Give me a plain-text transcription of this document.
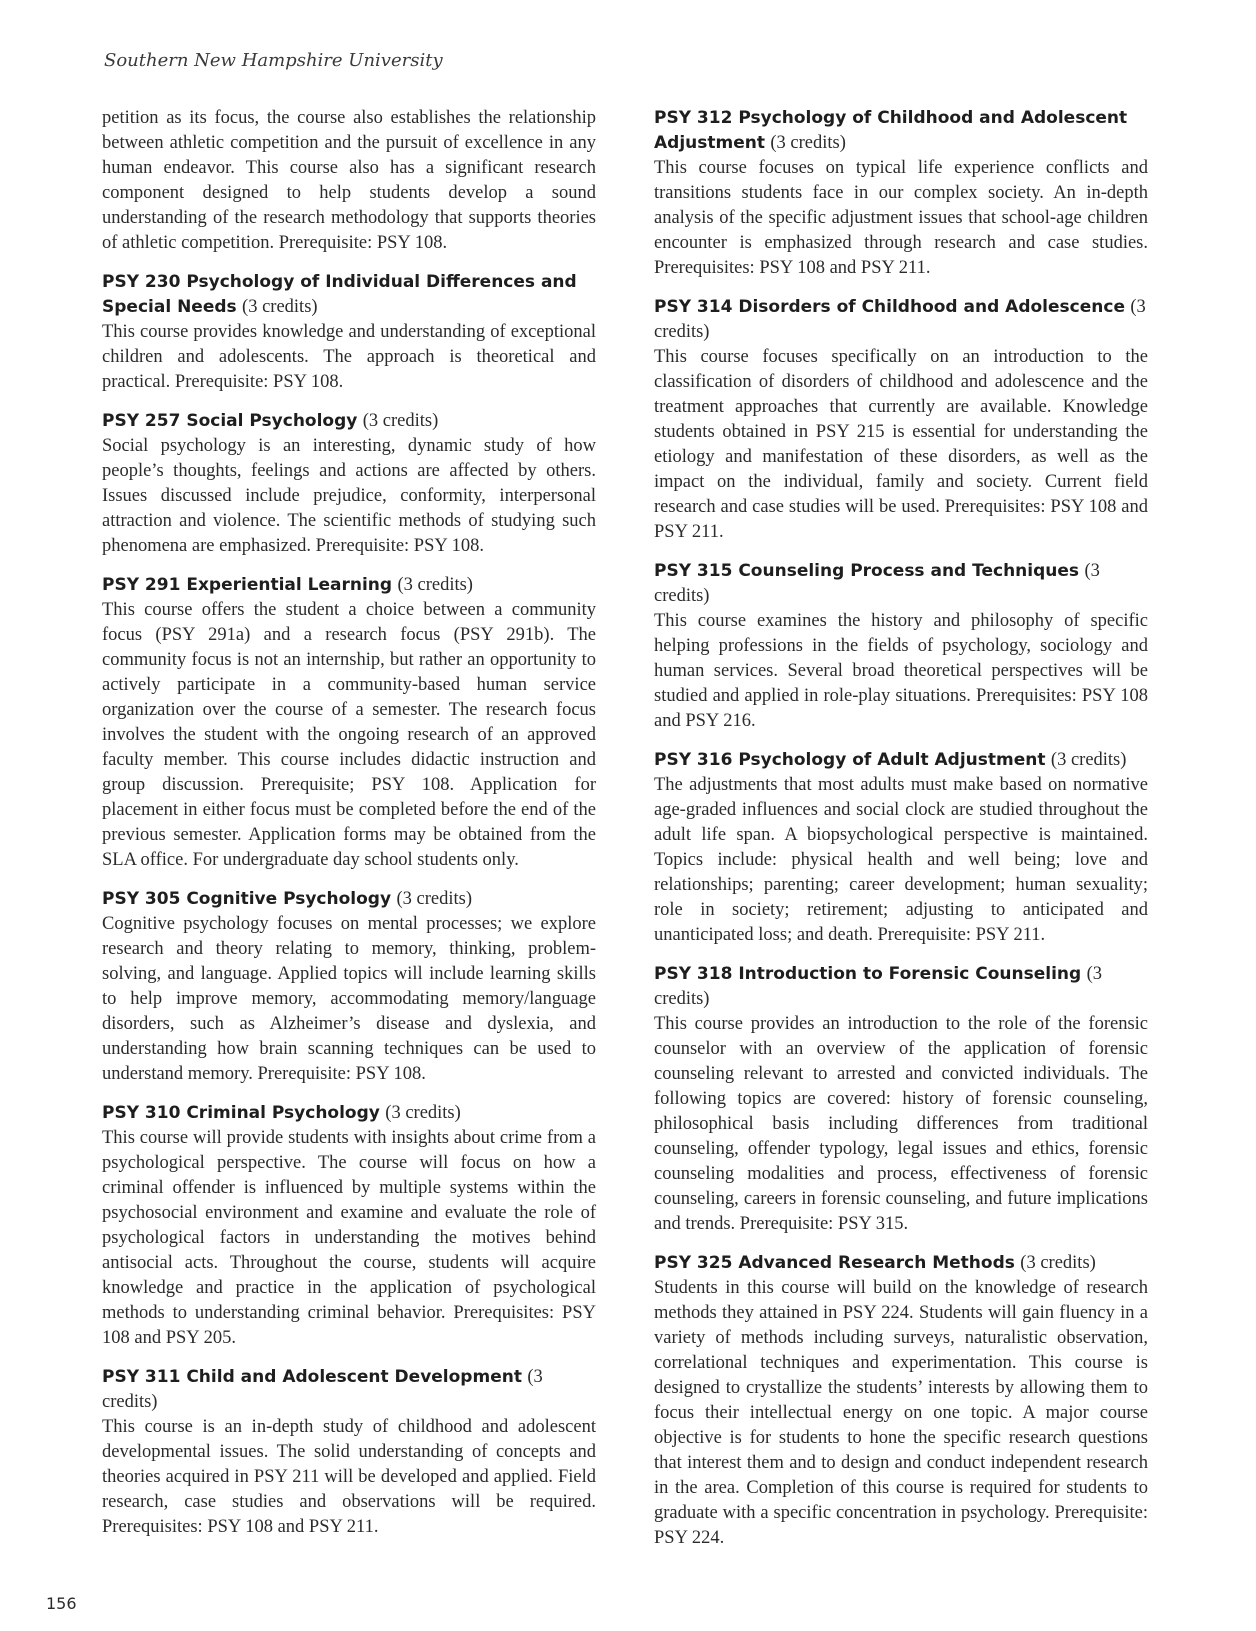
Southern New Hampshire University

petition as its focus, the course also establishes the relationship between athletic competition and the pursuit of excellence in any human endeavor. This course also has a significant research component designed to help students develop a sound understanding of the research methodology that supports theories of athletic competition. Prerequisite: PSY 108.

PSY 230 Psychology of Individual Differences and Special Needs (3 credits)

This course provides knowledge and understanding of exceptional children and adolescents. The approach is theoretical and practical. Prerequisite: PSY 108.

PSY 257 Social Psychology (3 credits)

Social psychology is an interesting, dynamic study of how people’s thoughts, feelings and actions are affected by others. Issues discussed include prejudice, conformity, interpersonal attraction and violence. The scientific methods of studying such phenomena are emphasized. Prerequisite: PSY 108.

PSY 291 Experiential Learning (3 credits)

This course offers the student a choice between a community focus (PSY 291a) and a research focus (PSY 291b). The community focus is not an internship, but rather an opportunity to actively participate in a community-based human service organization over the course of a semester. The research focus involves the student with the ongoing research of an approved faculty member. This course includes didactic instruction and group discussion. Prerequisite; PSY 108. Application for placement in either focus must be completed before the end of the previous semester. Application forms may be obtained from the SLA office. For undergraduate day school students only.

PSY 305 Cognitive Psychology (3 credits)

Cognitive psychology focuses on mental processes; we explore research and theory relating to memory, thinking, problem-solving, and language. Applied topics will include learning skills to help improve memory, accommodating memory/language disorders, such as Alzheimer’s disease and dyslexia, and understanding how brain scanning techniques can be used to understand memory. Prerequisite: PSY 108.

PSY 310 Criminal Psychology (3 credits)

This course will provide students with insights about crime from a psychological perspective. The course will focus on how a criminal offender is influenced by multiple systems within the psychosocial environment and examine and evaluate the role of psychological factors in understanding the motives behind antisocial acts. Throughout the course, students will acquire knowledge and practice in the application of psychological methods to understanding criminal behavior. Prerequisites: PSY 108 and PSY 205.

PSY 311 Child and Adolescent Development (3 credits)

This course is an in-depth study of childhood and adolescent developmental issues. The solid understanding of concepts and theories acquired in PSY 211 will be developed and applied. Field research, case studies and observations will be required. Prerequisites: PSY 108 and PSY 211.

PSY 312 Psychology of Childhood and Adolescent Adjustment (3 credits)

This course focuses on typical life experience conflicts and transitions students face in our complex society. An in-depth analysis of the specific adjustment issues that school-age children encounter is emphasized through research and case studies. Prerequisites: PSY 108 and PSY 211.

PSY 314 Disorders of Childhood and Adolescence (3 credits)

This course focuses specifically on an introduction to the classification of disorders of childhood and adolescence and the treatment approaches that currently are available. Knowledge students obtained in PSY 215 is essential for understanding the etiology and manifestation of these disorders, as well as the impact on the individual, family and society. Current field research and case studies will be used. Prerequisites: PSY 108 and PSY 211.

PSY 315 Counseling Process and Techniques (3 credits)

This course examines the history and philosophy of specific helping professions in the fields of psychology, sociology and human services. Several broad theoretical perspectives will be studied and applied in role-play situations. Prerequisites: PSY 108 and PSY 216.

PSY 316 Psychology of Adult Adjustment (3 credits)

The adjustments that most adults must make based on normative age-graded influences and social clock are studied throughout the adult life span. A biopsychological perspective is maintained. Topics include: physical health and well being; love and relationships; parenting; career development; human sexuality; role in society; retirement; adjusting to anticipated and unanticipated loss; and death. Prerequisite: PSY 211.

PSY 318 Introduction to Forensic Counseling (3 credits)

This course provides an introduction to the role of the forensic counselor with an overview of the application of forensic counseling relevant to arrested and convicted individuals. The following topics are covered: history of forensic counseling, philosophical basis including differences from traditional counseling, offender typology, legal issues and ethics, forensic counseling modalities and process, effectiveness of forensic counseling, careers in forensic counseling, and future implications and trends. Prerequisite: PSY 315.

PSY 325 Advanced Research Methods (3 credits)

Students in this course will build on the knowledge of research methods they attained in PSY 224. Students will gain fluency in a variety of methods including surveys, naturalistic observation, correlational techniques and experimentation. This course is designed to crystallize the students’ interests by allowing them to focus their intellectual energy on one topic. A major course objective is for students to hone the specific research questions that interest them and to design and conduct independent research in the area. Completion of this course is required for students to graduate with a specific concentration in psychology. Prerequisite: PSY 224.

156
